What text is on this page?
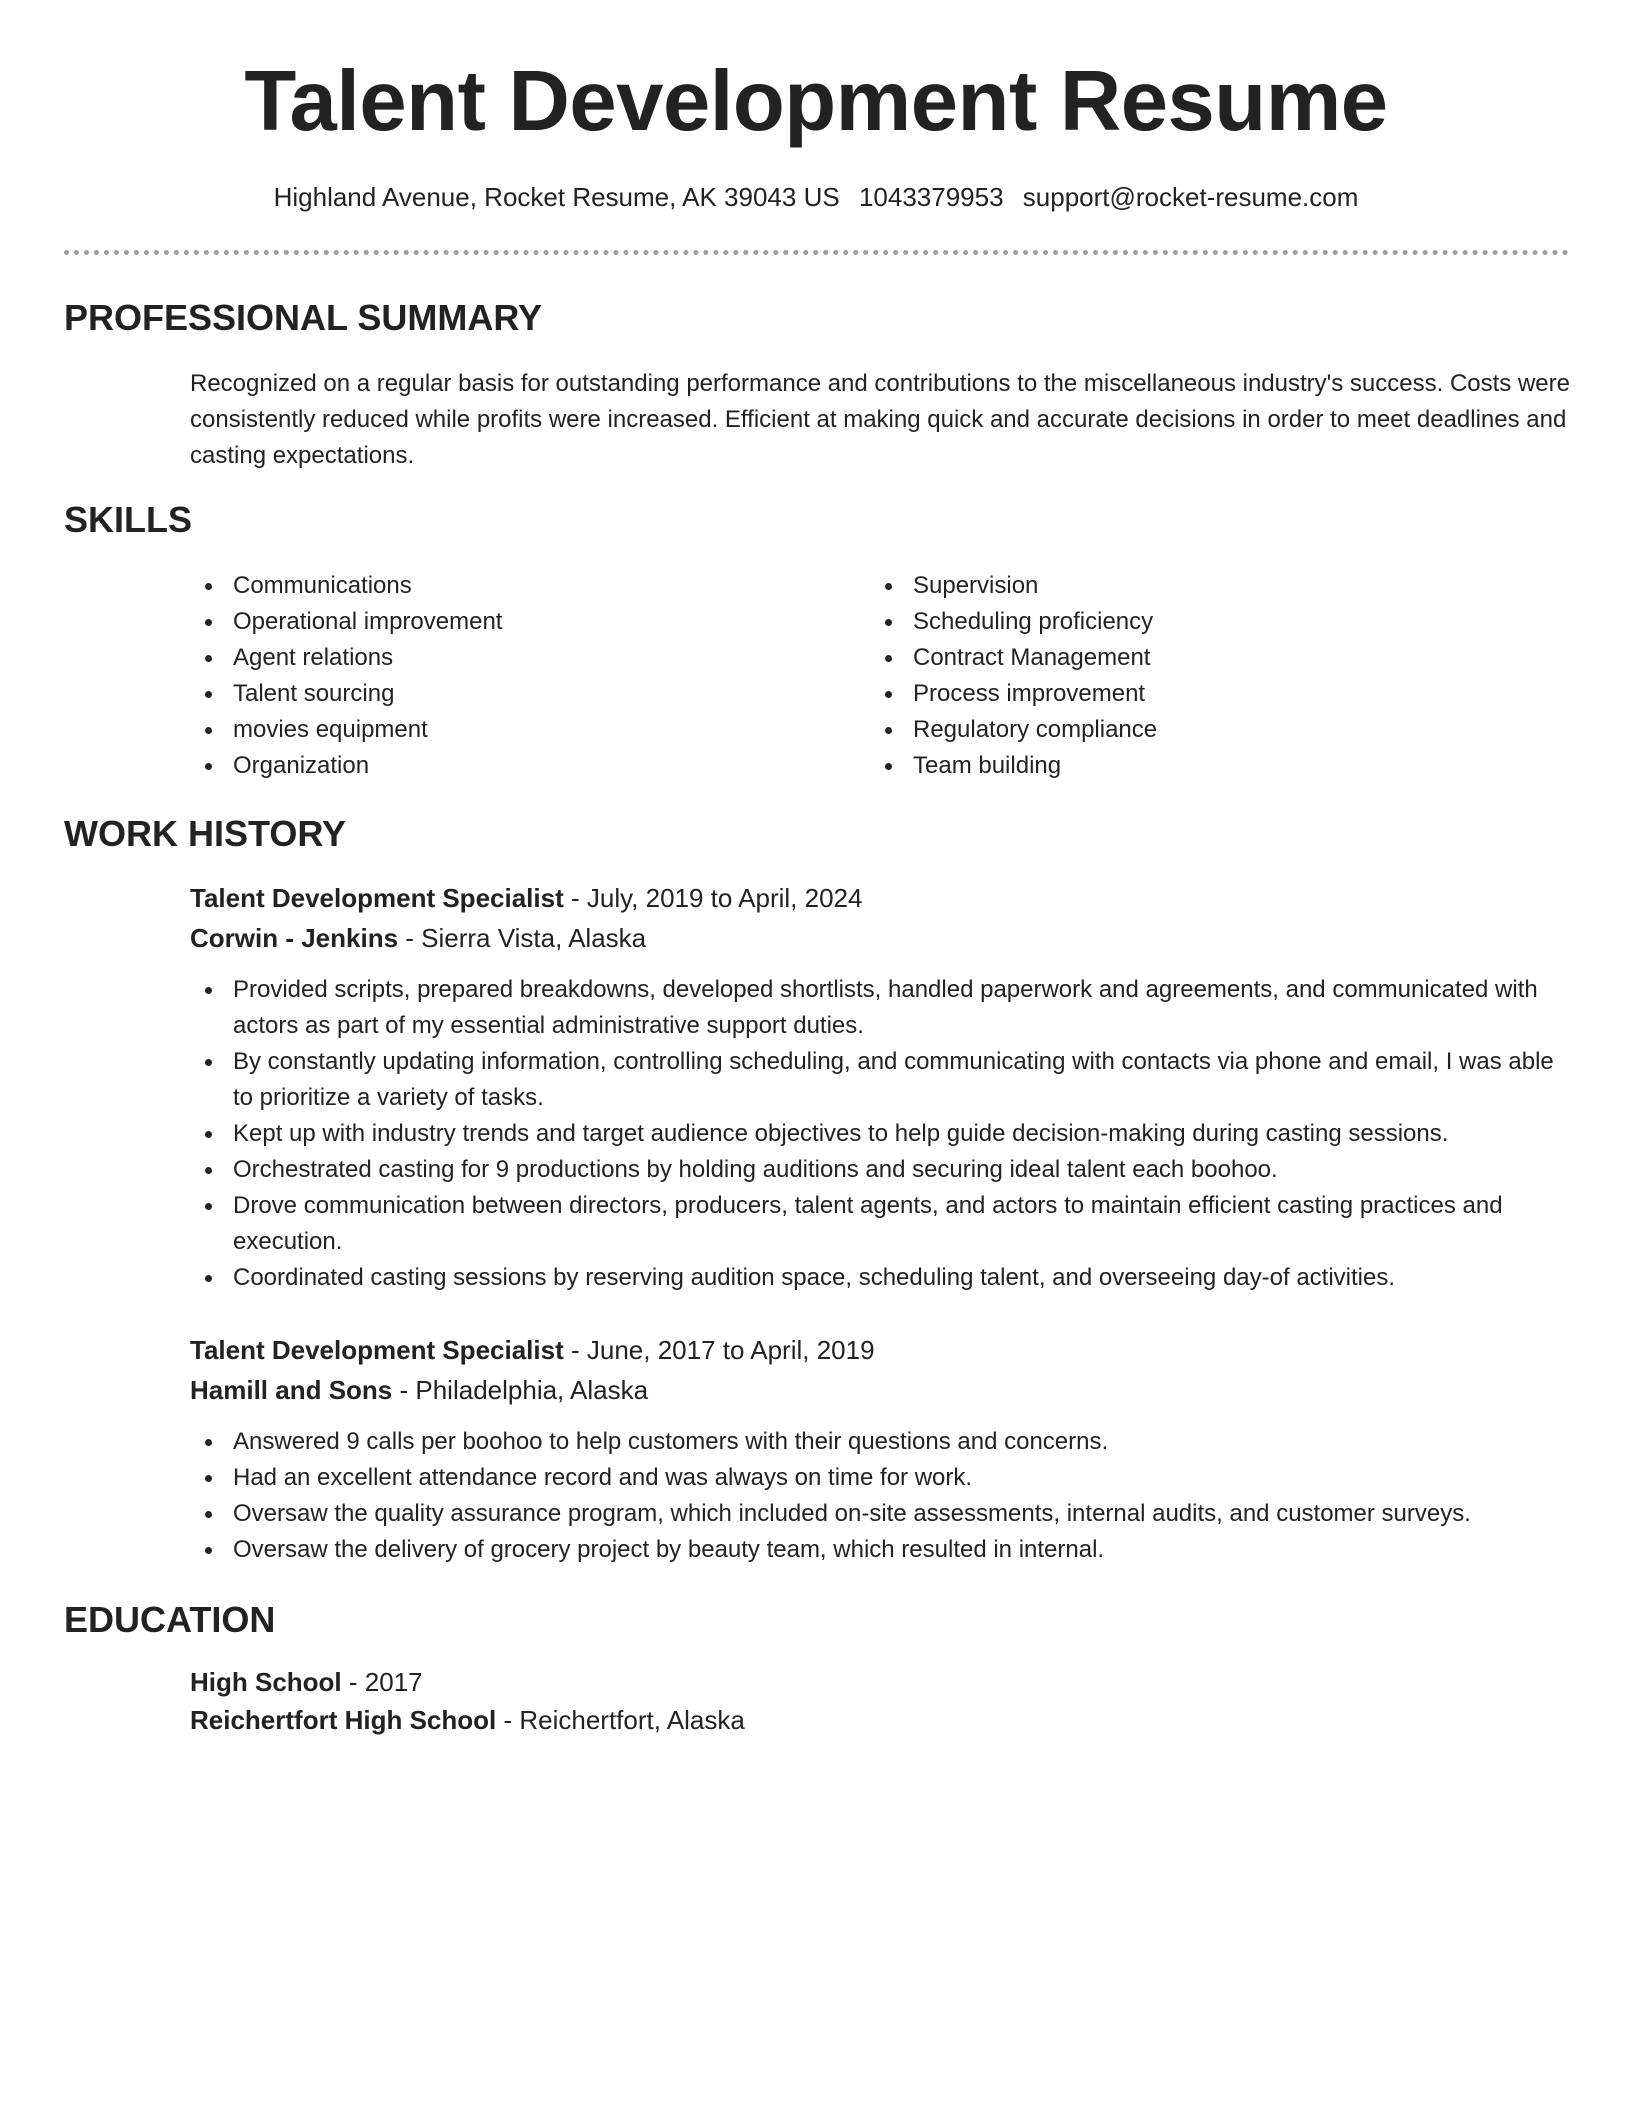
Talent Development Resume
Highland Avenue, Rocket Resume, AK 39043 US 1043379953 support@rocket-resume.com
PROFESSIONAL SUMMARY

Recognized on a regular basis for outstanding performance and contributions to the miscellaneous industry's success. Costs were consistently reduced while profits were increased. Efficient at making quick and accurate decisions in order to meet deadlines and casting expectations.

SKILLS
Communications
Operational improvement
Agent relations
Talent sourcing
movies equipment
Organization
Supervision
Scheduling proficiency
Contract Management
Process improvement
Regulatory compliance
Team building
WORK HISTORY
Talent Development Specialist - July, 2019 to April, 2024
Corwin - Jenkins - Sierra Vista, Alaska
Provided scripts, prepared breakdowns, developed shortlists, handled paperwork and agreements, and communicated with actors as part of my essential administrative support duties.
By constantly updating information, controlling scheduling, and communicating with contacts via phone and email, I was able to prioritize a variety of tasks.
Kept up with industry trends and target audience objectives to help guide decision-making during casting sessions.
Orchestrated casting for 9 productions by holding auditions and securing ideal talent each boohoo.
Drove communication between directors, producers, talent agents, and actors to maintain efficient casting practices and execution.
Coordinated casting sessions by reserving audition space, scheduling talent, and overseeing day-of activities.
Talent Development Specialist - June, 2017 to April, 2019
Hamill and Sons - Philadelphia, Alaska
Answered 9 calls per boohoo to help customers with their questions and concerns.
Had an excellent attendance record and was always on time for work.
Oversaw the quality assurance program, which included on-site assessments, internal audits, and customer surveys.
Oversaw the delivery of grocery project by beauty team, which resulted in internal.
EDUCATION
High School - 2017
Reichertfort High School - Reichertfort, Alaska
